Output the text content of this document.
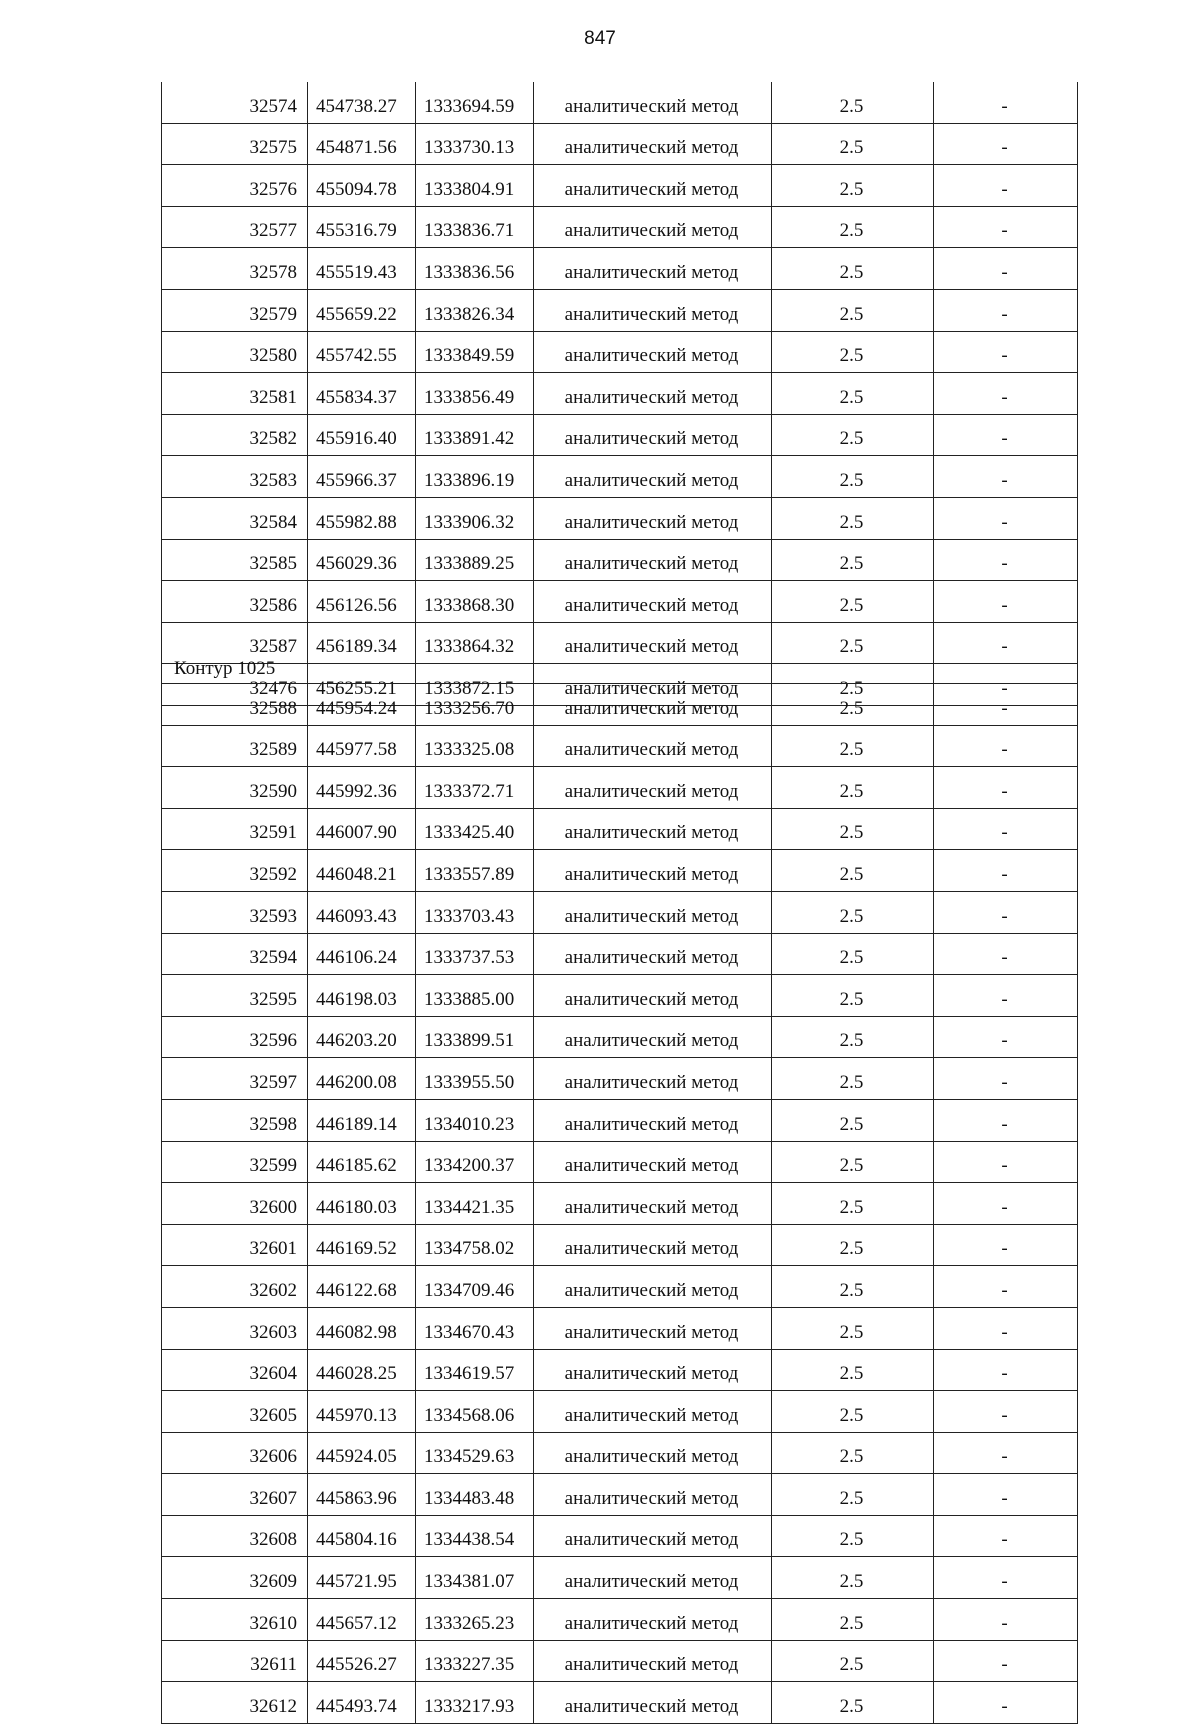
847
32574	454738.27	1333694.59	аналитический метод	2.5	-
32575	454871.56	1333730.13	аналитический метод	2.5	-
32576	455094.78	1333804.91	аналитический метод	2.5	-
32577	455316.79	1333836.71	аналитический метод	2.5	-
32578	455519.43	1333836.56	аналитический метод	2.5	-
32579	455659.22	1333826.34	аналитический метод	2.5	-
32580	455742.55	1333849.59	аналитический метод	2.5	-
32581	455834.37	1333856.49	аналитический метод	2.5	-
32582	455916.40	1333891.42	аналитический метод	2.5	-
32583	455966.37	1333896.19	аналитический метод	2.5	-
32584	455982.88	1333906.32	аналитический метод	2.5	-
32585	456029.36	1333889.25	аналитический метод	2.5	-
32586	456126.56	1333868.30	аналитический метод	2.5	-
32587	456189.34	1333864.32	аналитический метод	2.5	-
32476	456255.21	1333872.15	аналитический метод	2.5	-
Контур 1025
32588	445954.24	1333256.70	аналитический метод	2.5	-
32589	445977.58	1333325.08	аналитический метод	2.5	-
32590	445992.36	1333372.71	аналитический метод	2.5	-
32591	446007.90	1333425.40	аналитический метод	2.5	-
32592	446048.21	1333557.89	аналитический метод	2.5	-
32593	446093.43	1333703.43	аналитический метод	2.5	-
32594	446106.24	1333737.53	аналитический метод	2.5	-
32595	446198.03	1333885.00	аналитический метод	2.5	-
32596	446203.20	1333899.51	аналитический метод	2.5	-
32597	446200.08	1333955.50	аналитический метод	2.5	-
32598	446189.14	1334010.23	аналитический метод	2.5	-
32599	446185.62	1334200.37	аналитический метод	2.5	-
32600	446180.03	1334421.35	аналитический метод	2.5	-
32601	446169.52	1334758.02	аналитический метод	2.5	-
32602	446122.68	1334709.46	аналитический метод	2.5	-
32603	446082.98	1334670.43	аналитический метод	2.5	-
32604	446028.25	1334619.57	аналитический метод	2.5	-
32605	445970.13	1334568.06	аналитический метод	2.5	-
32606	445924.05	1334529.63	аналитический метод	2.5	-
32607	445863.96	1334483.48	аналитический метод	2.5	-
32608	445804.16	1334438.54	аналитический метод	2.5	-
32609	445721.95	1334381.07	аналитический метод	2.5	-
32610	445657.12	1333265.23	аналитический метод	2.5	-
32611	445526.27	1333227.35	аналитический метод	2.5	-
32612	445493.74	1333217.93	аналитический метод	2.5	-
